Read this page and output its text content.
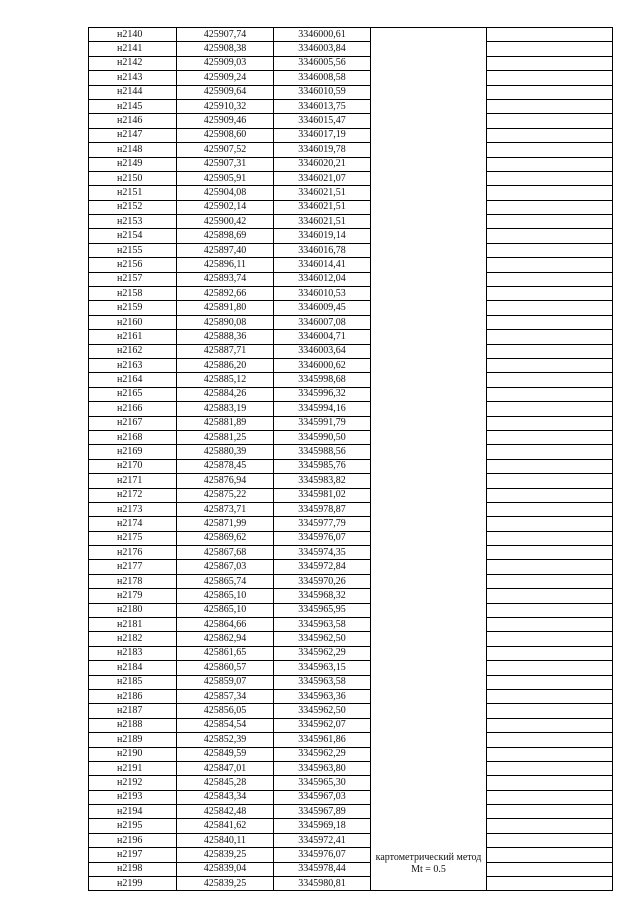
н2140	425907,74	3346000,61	картометрический метод Mt = 0.5	
н2141	425908,38	3346003,84		
н2142	425909,03	3346005,56		
н2143	425909,24	3346008,58		
н2144	425909,64	3346010,59		
н2145	425910,32	3346013,75		
н2146	425909,46	3346015,47		
н2147	425908,60	3346017,19		
н2148	425907,52	3346019,78		
н2149	425907,31	3346020,21		
н2150	425905,91	3346021,07		
н2151	425904,08	3346021,51		
н2152	425902,14	3346021,51		
н2153	425900,42	3346021,51		
н2154	425898,69	3346019,14		
н2155	425897,40	3346016,78		
н2156	425896,11	3346014,41		
н2157	425893,74	3346012,04		
н2158	425892,66	3346010,53		
н2159	425891,80	3346009,45		
н2160	425890,08	3346007,08		
н2161	425888,36	3346004,71		
н2162	425887,71	3346003,64		
н2163	425886,20	3346000,62		
н2164	425885,12	3345998,68		
н2165	425884,26	3345996,32		
н2166	425883,19	3345994,16		
н2167	425881,89	3345991,79		
н2168	425881,25	3345990,50		
н2169	425880,39	3345988,56		
н2170	425878,45	3345985,76		
н2171	425876,94	3345983,82		
н2172	425875,22	3345981,02		
н2173	425873,71	3345978,87		
н2174	425871,99	3345977,79		
н2175	425869,62	3345976,07		
н2176	425867,68	3345974,35		
н2177	425867,03	3345972,84		
н2178	425865,74	3345970,26		
н2179	425865,10	3345968,32		
н2180	425865,10	3345965,95		
н2181	425864,66	3345963,58		
н2182	425862,94	3345962,50		
н2183	425861,65	3345962,29		
н2184	425860,57	3345963,15		
н2185	425859,07	3345963,58		
н2186	425857,34	3345963,36		
н2187	425856,05	3345962,50		
н2188	425854,54	3345962,07		
н2189	425852,39	3345961,86		
н2190	425849,59	3345962,29		
н2191	425847,01	3345963,80		
н2192	425845,28	3345965,30		
н2193	425843,34	3345967,03		
н2194	425842,48	3345967,89		
н2195	425841,62	3345969,18		
н2196	425840,11	3345972,41		
н2197	425839,25	3345976,07		
н2198	425839,04	3345978,44		
н2199	425839,25	3345980,81		
